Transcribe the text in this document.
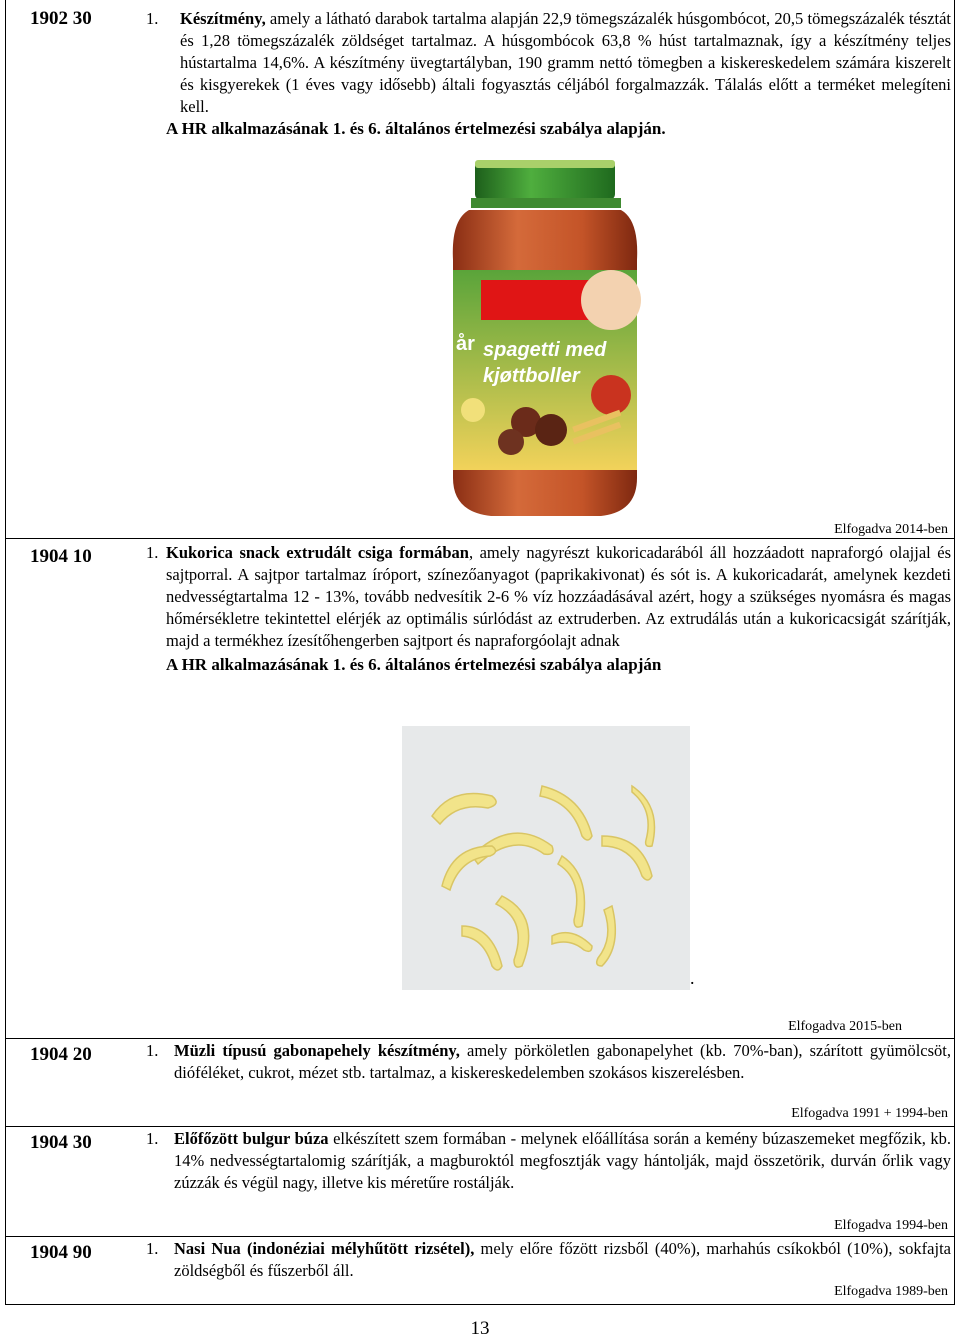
1902 30	1. Készítmény, amely a látható darabok tartalma alapján 22,9 tömegszázalék húsgombócot, 20,5 tömegszázalék tésztát és 1,28 tömegszázalék zöldséget tartalmaz. A húsgombócok 63,8 % húst tartalmaznak, így a készítmény teljes hústartalma 14,6%. A készítmény üvegtartályban, 190 gramm nettó tömegben a kiskereskedelem számára kiszerelt és kisgyerekek (1 éves vagy idősebb) általi fogyasztás céljából forgalmazzák. Tálalás előtt a terméket melegíteni kell.
A HR alkalmazásának 1. és 6. általános értelmezési szabálya alapján.
år spagetti med
kjøttboller
Elfogadva 2014-ben
1904 10	1. Kukorica snack extrudált csiga formában, amely nagyrészt kukoricadarából áll hozzáadott napraforgó olajjal és sajtporral. A sajtpor tartalmaz íróport, színezőanyagot (paprikakivonat) és sót is. A kukoricadarát, amelynek kezdeti nedvességtartalma 12 - 13%, tovább nedvesítik 2-6 % víz hozzáadásával azért, hogy a szükséges nyomásra és magas hőmérsékletre tekintettel elérjék az optimális súrlódást az extruderben. Az extrudálás után a kukoricacsigát szárítják, majd a termékhez ízesítőhengerben sajtport és napraforgóolajt adnak
A HR alkalmazásának 1. és 6. általános értelmezési szabálya alapján
.
Elfogadva 2015-ben
1904 20	1. Müzli típusú gabonapehely készítmény, amely pörköletlen gabonapelyhet (kb. 70%-ban), szárított gyümölcsöt, dióféléket, cukrot, mézet stb. tartalmaz, a kiskereskedelemben szokásos kiszerelésben.
Elfogadva 1991 + 1994-ben
1904 30	1. Előfőzött bulgur búza elkészített szem formában - melynek előállítása során a kemény búzaszemeket megfőzik, kb. 14% nedvességtartalomig szárítják, a magburoktól megfosztják vagy hántolják, majd összetörik, durván őrlik vagy zúzzák és végül nagy, illetve kis méretűre rostálják.
Elfogadva 1994-ben
1904 90	1. Nasi Nua (indonéziai mélyhűtött rizsétel), mely előre főzött rizsből (40%), marhahús csíkokból (10%), sokfajta zöldségből és fűszerből áll.
Elfogadva 1989-ben
13
